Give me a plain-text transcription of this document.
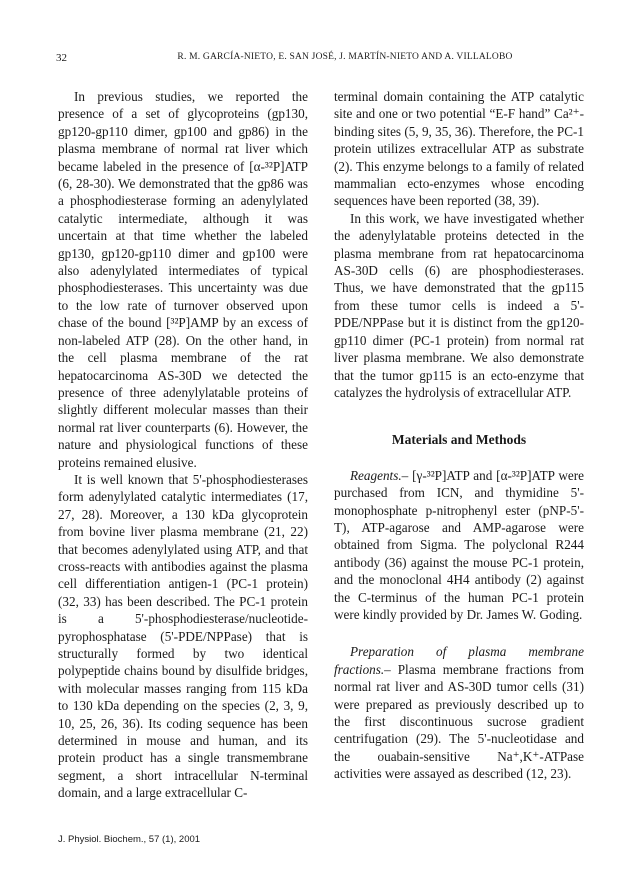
32	R. M. GARCÍA-NIETO, E. SAN JOSÉ, J. MARTÍN-NIETO AND A. VILLALOBO

In previous studies, we reported the presence of a set of glycoproteins (gp130, gp120-gp110 dimer, gp100 and gp86) in the plasma membrane of normal rat liver which became labeled in the presence of [α-³²P]ATP (6, 28-30). We demonstrated that the gp86 was a phosphodiesterase forming an adenylylated catalytic intermediate, although it was uncertain at that time whether the labeled gp130, gp120-gp110 dimer and gp100 were also adenylylated intermediates of typical phosphodiesterases. This uncertainty was due to the low rate of turnover observed upon chase of the bound [³²P]AMP by an excess of non-labeled ATP (28). On the other hand, in the cell plasma membrane of the rat hepatocarcinoma AS-30D we detected the presence of three adenylylatable proteins of slightly different molecular masses than their normal rat liver counterparts (6). However, the nature and physiological functions of these proteins remained elusive.

It is well known that 5'-phosphodiesterases form adenylylated catalytic intermediates (17, 27, 28). Moreover, a 130 kDa glycoprotein from bovine liver plasma membrane (21, 22) that becomes adenylylated using ATP, and that cross-reacts with antibodies against the plasma cell differentiation antigen-1 (PC-1 protein) (32, 33) has been described. The PC-1 protein is a 5'-phosphodiesterase/nucleotide-pyrophosphatase (5'-PDE/NPPase) that is structurally formed by two identical polypeptide chains bound by disulfide bridges, with molecular masses ranging from 115 kDa to 130 kDa depending on the species (2, 3, 9, 10, 25, 26, 36). Its coding sequence has been determined in mouse and human, and its protein product has a single transmembrane segment, a short intracellular N-terminal domain, and a large extracellular C-

terminal domain containing the ATP catalytic site and one or two potential “E-F hand” Ca²⁺-binding sites (5, 9, 35, 36). Therefore, the PC-1 protein utilizes extracellular ATP as substrate (2). This enzyme belongs to a family of related mammalian ecto-enzymes whose encoding sequences have been reported (38, 39).

In this work, we have investigated whether the adenylylatable proteins detected in the plasma membrane from rat hepatocarcinoma AS-30D cells (6) are phosphodiesterases. Thus, we have demonstrated that the gp115 from these tumor cells is indeed a 5'-PDE/NPPase but it is distinct from the gp120-gp110 dimer (PC-1 protein) from normal rat liver plasma membrane. We also demonstrate that the tumor gp115 is an ecto-enzyme that catalyzes the hydrolysis of extracellular ATP.

Materials and Methods

Reagents.– [γ-³²P]ATP and [α-³²P]ATP were purchased from ICN, and thymidine 5'-monophosphate p-nitrophenyl ester (pNP-5'-T), ATP-agarose and AMP-agarose were obtained from Sigma. The polyclonal R244 antibody (36) against the mouse PC-1 protein, and the monoclonal 4H4 antibody (2) against the C-terminus of the human PC-1 protein were kindly provided by Dr. James W. Goding.

Preparation of plasma membrane fractions.– Plasma membrane fractions from normal rat liver and AS-30D tumor cells (31) were prepared as previously described up to the first discontinuous sucrose gradient centrifugation (29). The 5'-nucleotidase and the ouabain-sensitive Na⁺,K⁺-ATPase activities were assayed as described (12, 23).

J. Physiol. Biochem., 57 (1), 2001
